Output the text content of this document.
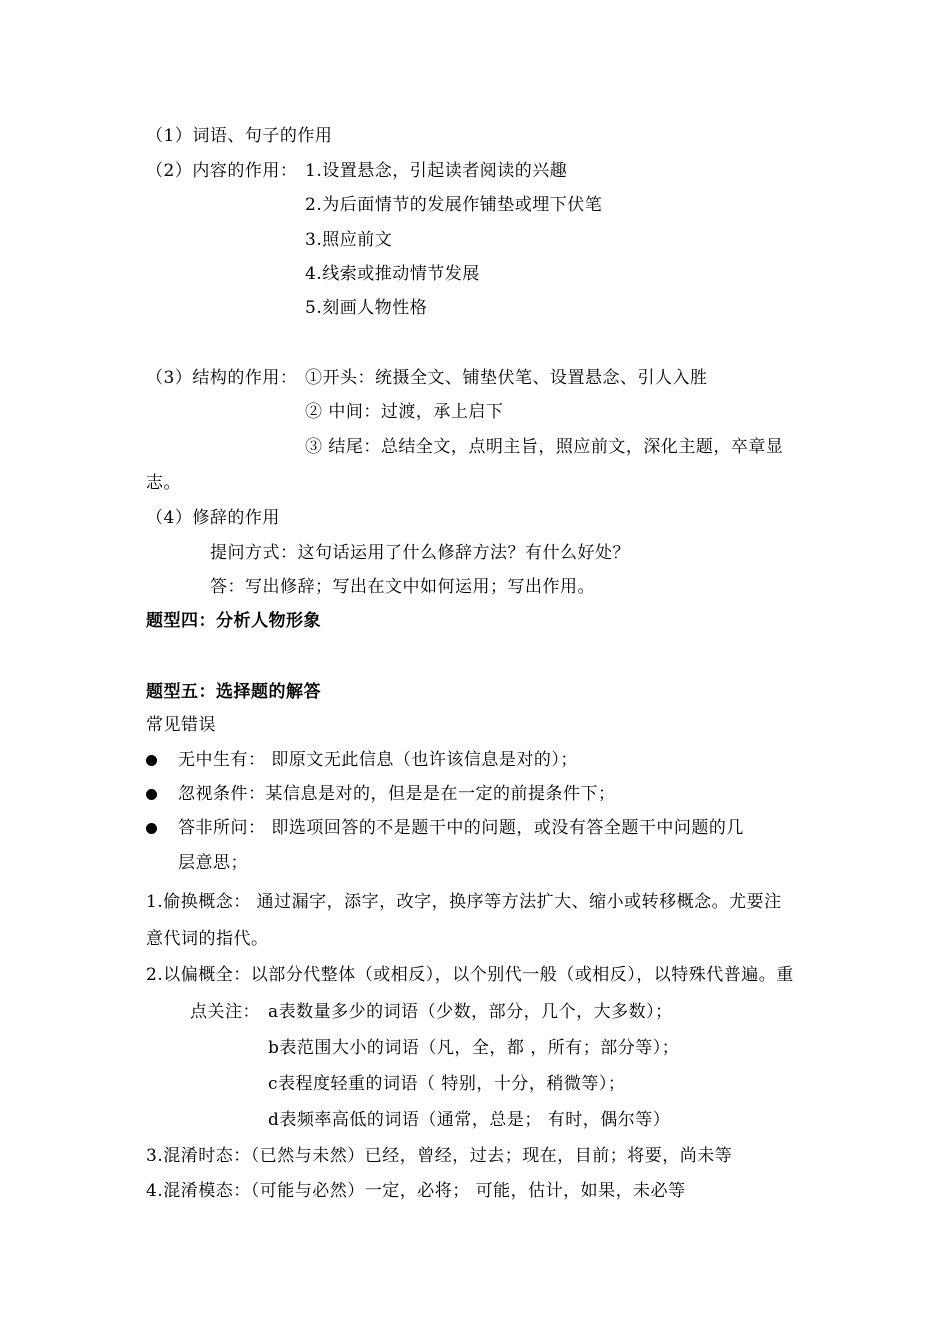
（1）词语、句子的作用
（2）内容的作用： 1.设置悬念，引起读者阅读的兴趣
2.为后面情节的发展作铺垫或埋下伏笔
3.照应前文
4.线索或推动情节发展
5.刻画人物性格
（3）结构的作用： ①开头：统摄全文、铺垫伏笔、设置悬念、引人入胜
② 中间：过渡，承上启下
③ 结尾：总结全文，点明主旨，照应前文，深化主题，卒章显
志。
（4）修辞的作用
提问方式：这句话运用了什么修辞方法？有什么好处？
答：写出修辞；写出在文中如何运用；写出作用。
题型四：分析人物形象
题型五：选择题的解答
常见错误
无中生有： 即原文无此信息（也许该信息是对的）；
忽视条件：某信息是对的，但是是在一定的前提条件下；
答非所问： 即选项回答的不是题干中的问题，或没有答全题干中问题的几
层意思；
1.偷换概念： 通过漏字，添字，改字，换序等方法扩大、缩小或转移概念。尤要注
意代词的指代。
2.以偏概全：以部分代整体（或相反），以个别代一般（或相反），以特殊代普遍。重
点关注： a表数量多少的词语（少数，部分，几个，大多数）；
b表范围大小的词语（凡，全，都 ，所有；部分等）；
c表程度轻重的词语（ 特别，十分，稍微等）；
d表频率高低的词语（通常，总是； 有时，偶尔等）
3.混淆时态：（已然与未然）已经，曾经，过去；现在，目前；将要，尚未等
4.混淆模态：（可能与必然）一定，必将； 可能，估计，如果，未必等
